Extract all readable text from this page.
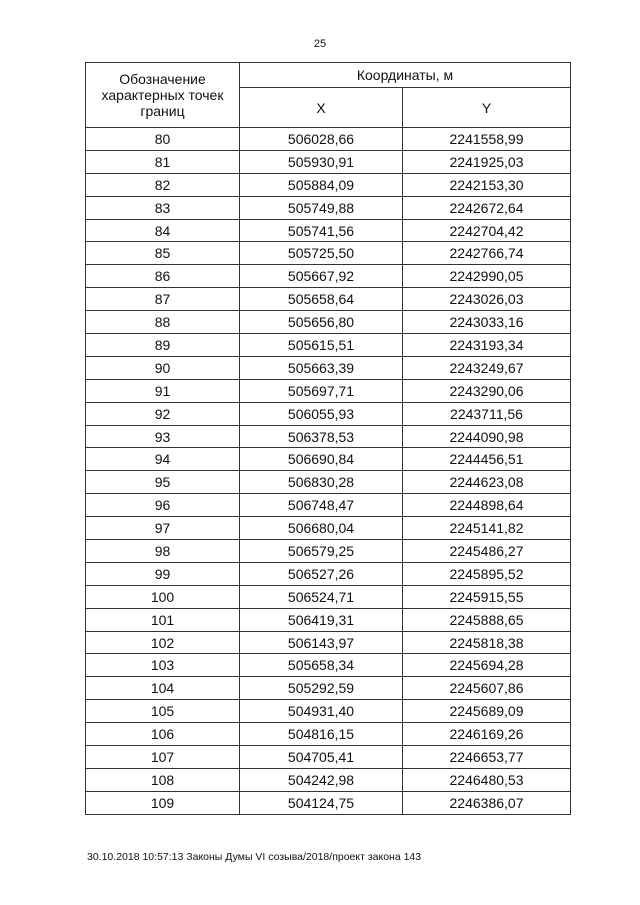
25
Обозначение характерных точек границ	Координаты, м	
	X	Y
80	506028,66	2241558,99
81	505930,91	2241925,03
82	505884,09	2242153,30
83	505749,88	2242672,64
84	505741,56	2242704,42
85	505725,50	2242766,74
86	505667,92	2242990,05
87	505658,64	2243026,03
88	505656,80	2243033,16
89	505615,51	2243193,34
90	505663,39	2243249,67
91	505697,71	2243290,06
92	506055,93	2243711,56
93	506378,53	2244090,98
94	506690,84	2244456,51
95	506830,28	2244623,08
96	506748,47	2244898,64
97	506680,04	2245141,82
98	506579,25	2245486,27
99	506527,26	2245895,52
100	506524,71	2245915,55
101	506419,31	2245888,65
102	506143,97	2245818,38
103	505658,34	2245694,28
104	505292,59	2245607,86
105	504931,40	2245689,09
106	504816,15	2246169,26
107	504705,41	2246653,77
108	504242,98	2246480,53
109	504124,75	2246386,07
30.10.2018 10:57:13 Законы Думы VI созыва/2018/проект закона 143
